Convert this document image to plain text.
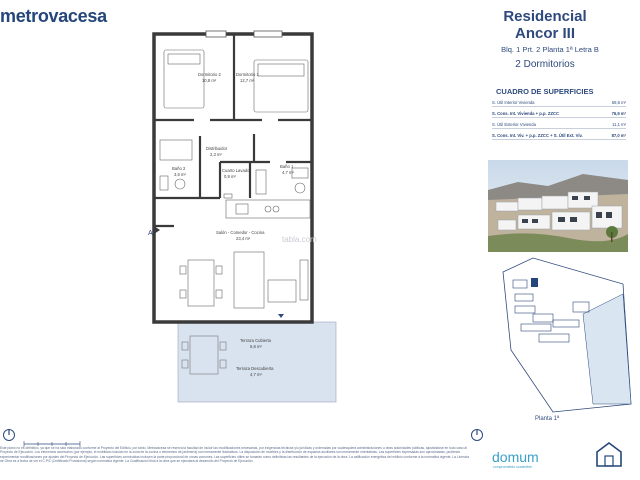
metrovacesa	Residencial
Ancor III
Blq. 1 Prt. 2 Planta 1ª Letra B
2 Dormitorios
CUADRO DE SUPERFICIES
S. Útil Interior Vivienda	58,6 m²
S. Cons. Int. Vivienda + p.p. ZZCC	76,9 m²
S. Útil Exterior Vivienda	11,1 m²
S. Cons. Int. Viv. + p.p. ZZCC + S. Útil Ext. Viv.	87,0 m²
Planta 1ª
Dormitorio 2
10,8 m²
Dormitorio 1
12,7 m²
Distribuidor
2,3 m²
Baño 2
3,6 m²
Cuarto Lavado
0,9 m²
Baño 1
4,7 m²
Salón - Comedor - Cocina
23,4 m²
Terraza Cubierta
5,8 m²
Terraza Descubierta
4,7 m²
A
tabla.com
Este plano no es definitivo, ya que se ha sido elaborado conforme al Proyecto del Edificio, por tanto, Metrovacesa se reserva la facultad de incluir las modificaciones necesarias, por exigencias técnicas y/o jurídicas y ordenadas por cualesquiera administraciones u otras autoridades públicas, ajustándose en todo caso al Proyecto de Ejecución. Los elementos accesorios (por ejemplo, el mobiliario incluido en la zona de la cocina o elementos de jardinería) son meramente ilustrativos. La disposición de muebles y la distribución de espacios auxiliares son meramente orientativas. Las superficies expresadas son aproximadas, pudiendo experimentar modificaciones por ajustes del Proyecto de Ejecución. Las superficies construidas incluyen la parte proporcional de zonas comunes. Las superficies útiles se tomarán como definitivas las resultantes de la ejecución de la obra. La calificación energética del edificio conforme a la normativa vigente. La Licencia de Obra es a fecha de ver el C.P.E (Certificado Provisional) según normativa vigente. La Cualificación final a la obra que se ejecutará al desarrollo del Proyecto de Ejecución.	domum
comprometido sostenible
